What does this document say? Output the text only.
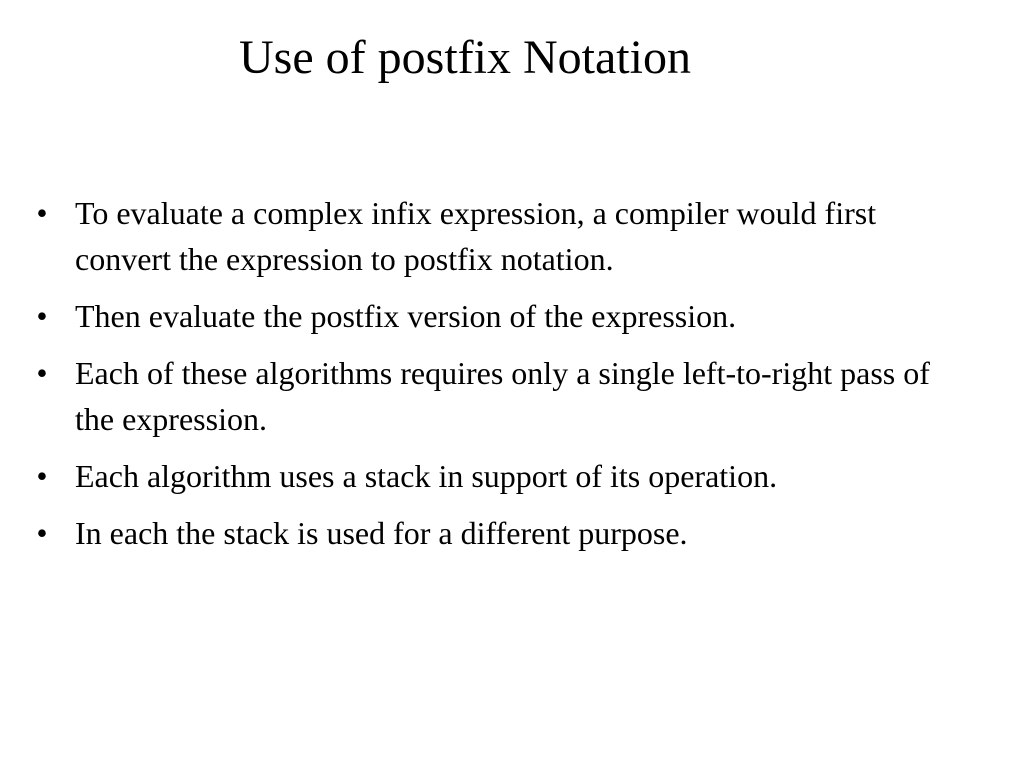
Use of postfix Notation
• To evaluate a complex infix expression, a compiler would first convert the expression to postfix notation.
• Then evaluate the postfix version of the expression.
• Each of these algorithms requires only a single left-to-right pass of the expression.
• Each algorithm uses a stack in support of its operation.
• In each the stack is used for a different purpose.
